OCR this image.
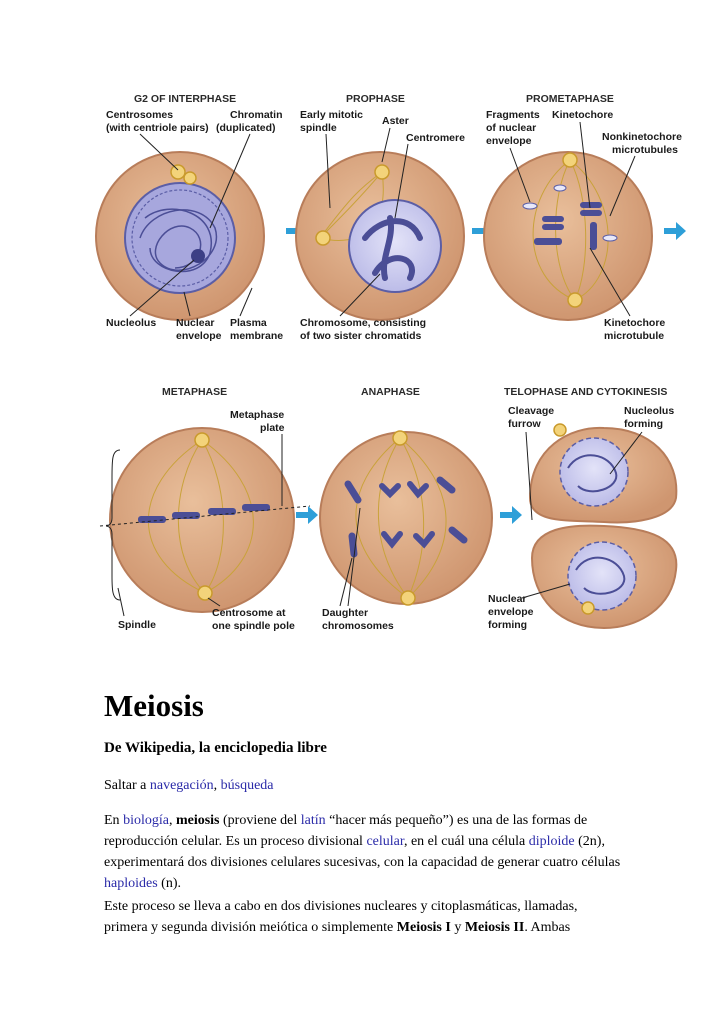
G2 OF INTERPHASE	PROPHASE	PROMETAPHASE
METAPHASE	ANAPHASE	TELOPHASE AND CYTOKINESIS
Centrosomes
(with centriole pairs)
Chromatin
(duplicated)
Nucleolus Nuclear
envelope
Plasma
membrane
Early mitotic
spindle
Aster
Centromere
Chromosome, consisting
of two sister chromatids
Fragments
of nuclear
envelope
Kinetochore
Nonkinetochore
microtubules
Kinetochore
microtubule
Metaphase
plate
Spindle
Centrosome at
one spindle pole
Daughter
chromosomes
Cleavage
furrow
Nucleolus
forming
Nuclear
envelope
forming
Meiosis
De Wikipedia, la enciclopedia libre

Saltar a navegación, búsqueda

En biología, meiosis (proviene del latín “hacer más pequeño”) es una de las formas de reproducción celular. Es un proceso divisional celular, en el cuál una célula diploide (2n), experimentará dos divisiones celulares sucesivas, con la capacidad de generar cuatro células haploides (n).

Este proceso se lleva a cabo en dos divisiones nucleares y citoplasmáticas, llamadas, primera y segunda división meiótica o simplemente Meiosis I y Meiosis II. Ambas
